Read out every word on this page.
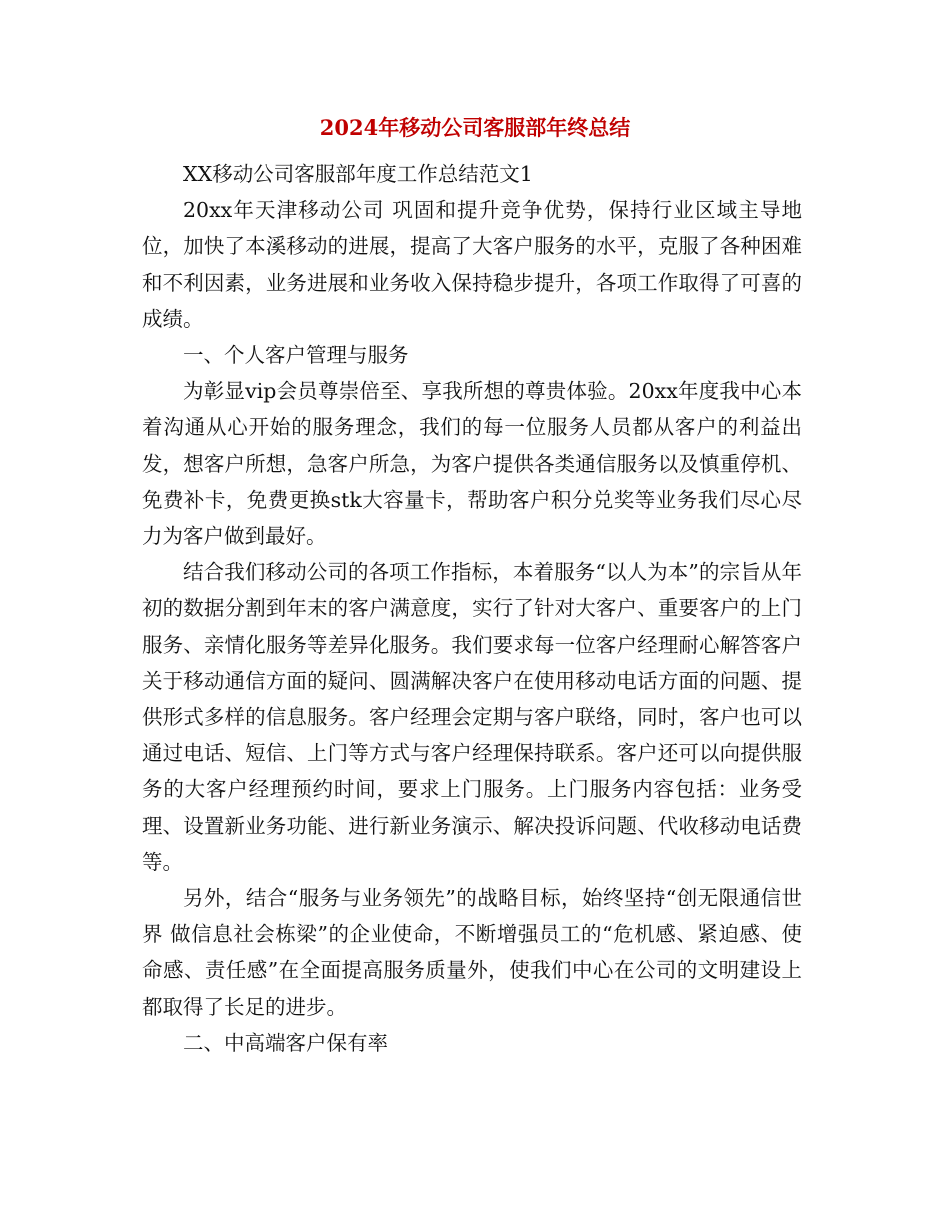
2024年移动公司客服部年终总结

XX移动公司客服部年度工作总结范文1

20xx年天津移动公司 巩固和提升竞争优势，保持行业区域主导地位，加快了本溪移动的进展，提高了大客户服务的水平，克服了各种困难和不利因素，业务进展和业务收入保持稳步提升，各项工作取得了可喜的成绩。

一、个人客户管理与服务

为彰显vip会员尊崇倍至、享我所想的尊贵体验。20xx年度我中心本着沟通从心开始的服务理念，我们的每一位服务人员都从客户的利益出发，想客户所想，急客户所急，为客户提供各类通信服务以及慎重停机、免费补卡，免费更换stk大容量卡，帮助客户积分兑奖等业务我们尽心尽力为客户做到最好。

结合我们移动公司的各项工作指标，本着服务“以人为本”的宗旨从年初的数据分割到年末的客户满意度，实行了针对大客户、重要客户的上门服务、亲情化服务等差异化服务。我们要求每一位客户经理耐心解答客户关于移动通信方面的疑问、圆满解决客户在使用移动电话方面的问题、提供形式多样的信息服务。客户经理会定期与客户联络，同时，客户也可以通过电话、短信、上门等方式与客户经理保持联系。客户还可以向提供服务的大客户经理预约时间，要求上门服务。上门服务内容包括：业务受理、设置新业务功能、进行新业务演示、解决投诉问题、代收移动电话费等。

另外，结合“服务与业务领先”的战略目标，始终坚持“创无限通信世界 做信息社会栋梁”的企业使命，不断增强员工的“危机感、紧迫感、使命感、责任感”在全面提高服务质量外，使我们中心在公司的文明建设上都取得了长足的进步。

二、中高端客户保有率
